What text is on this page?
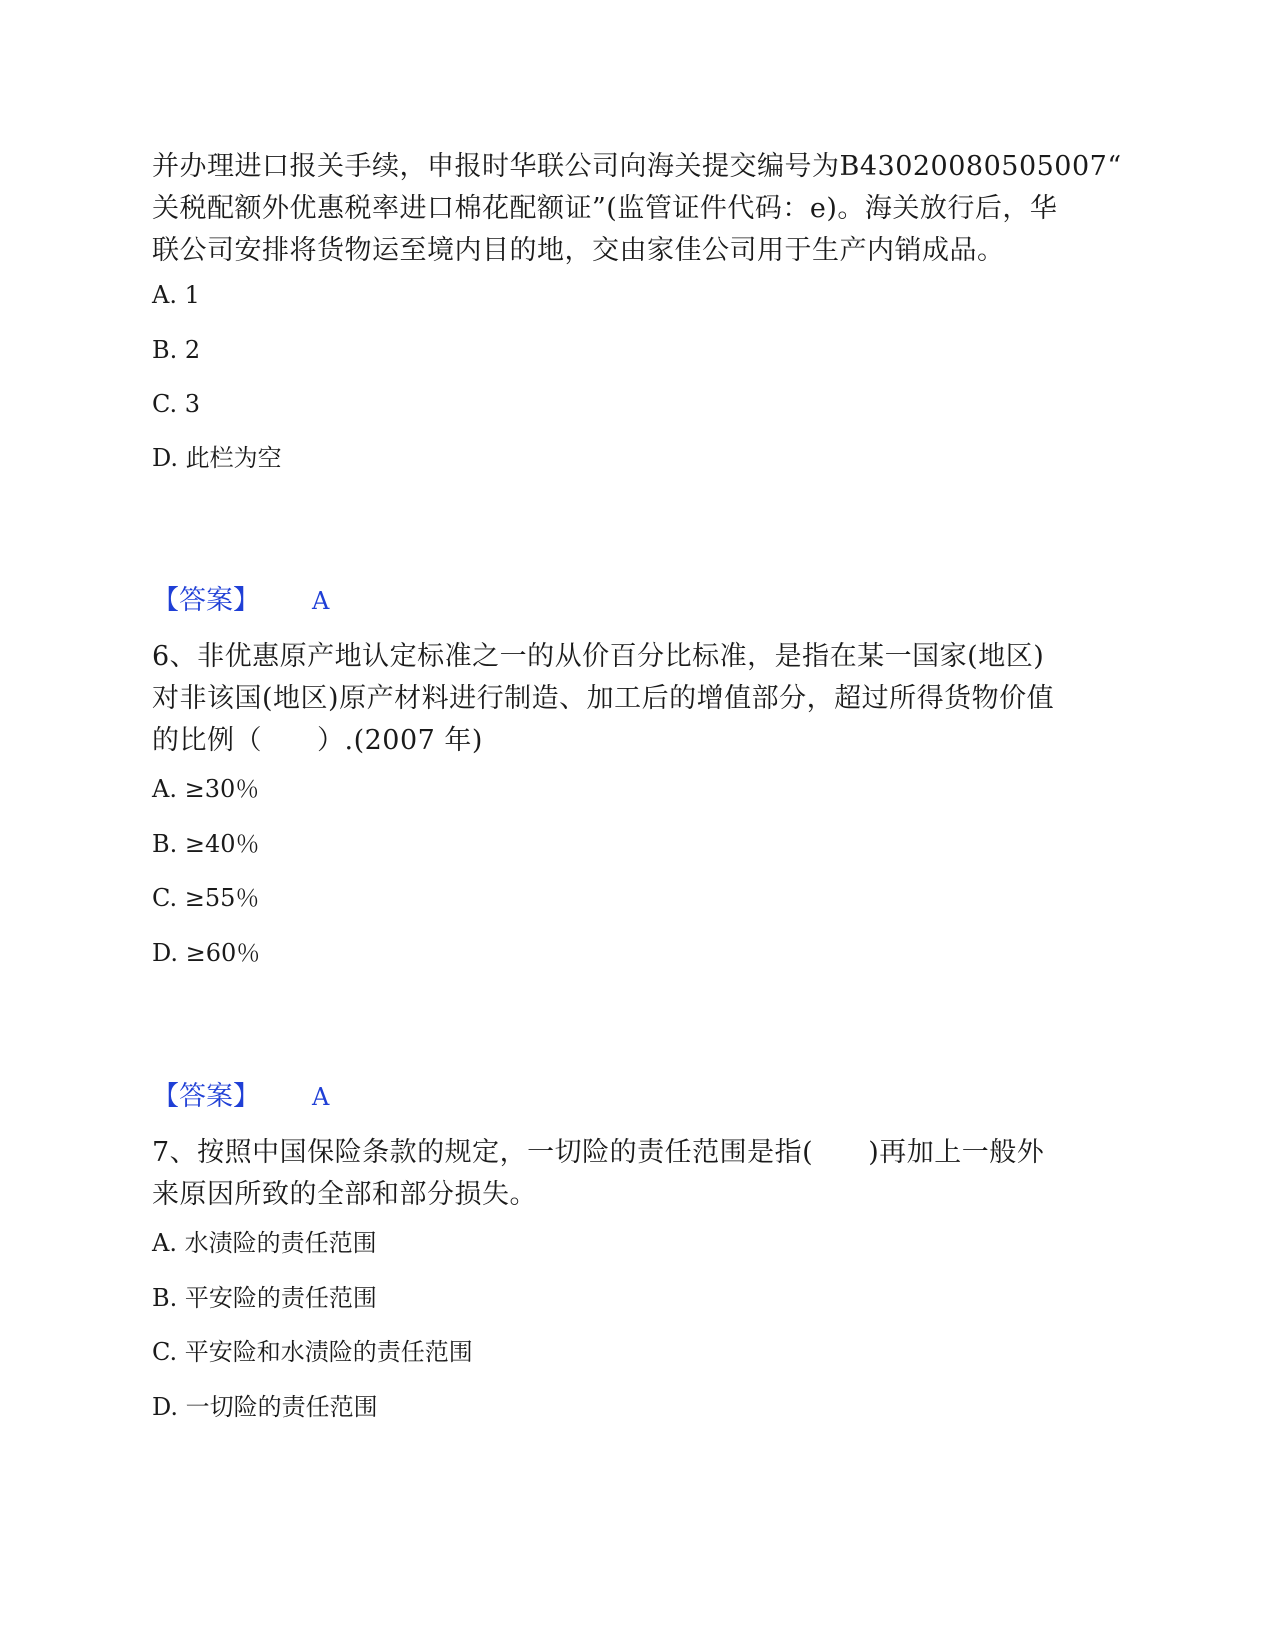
并办理进口报关手续，申报时华联公司向海关提交编号为B43020080505007“

关税配额外优惠税率进口棉花配额证”(监管证件代码：e)。海关放行后，华

联公司安排将货物运至境内目的地，交由家佳公司用于生产内销成品。

A. 1

B. 2

C. 3

D. 此栏为空

【答案】 A

6、非优惠原产地认定标准之一的从价百分比标准，是指在某一国家(地区)

对非该国(地区)原产材料进行制造、加工后的增值部分，超过所得货物价值

的比例（　　）.(2007 年)

A. ≥30％

B. ≥40％

C. ≥55％

D. ≥60％

【答案】 A

7、按照中国保险条款的规定，一切险的责任范围是指(　　)再加上一般外

来原因所致的全部和部分损失。

A. 水渍险的责任范围

B. 平安险的责任范围

C. 平安险和水渍险的责任范围

D. 一切险的责任范围
